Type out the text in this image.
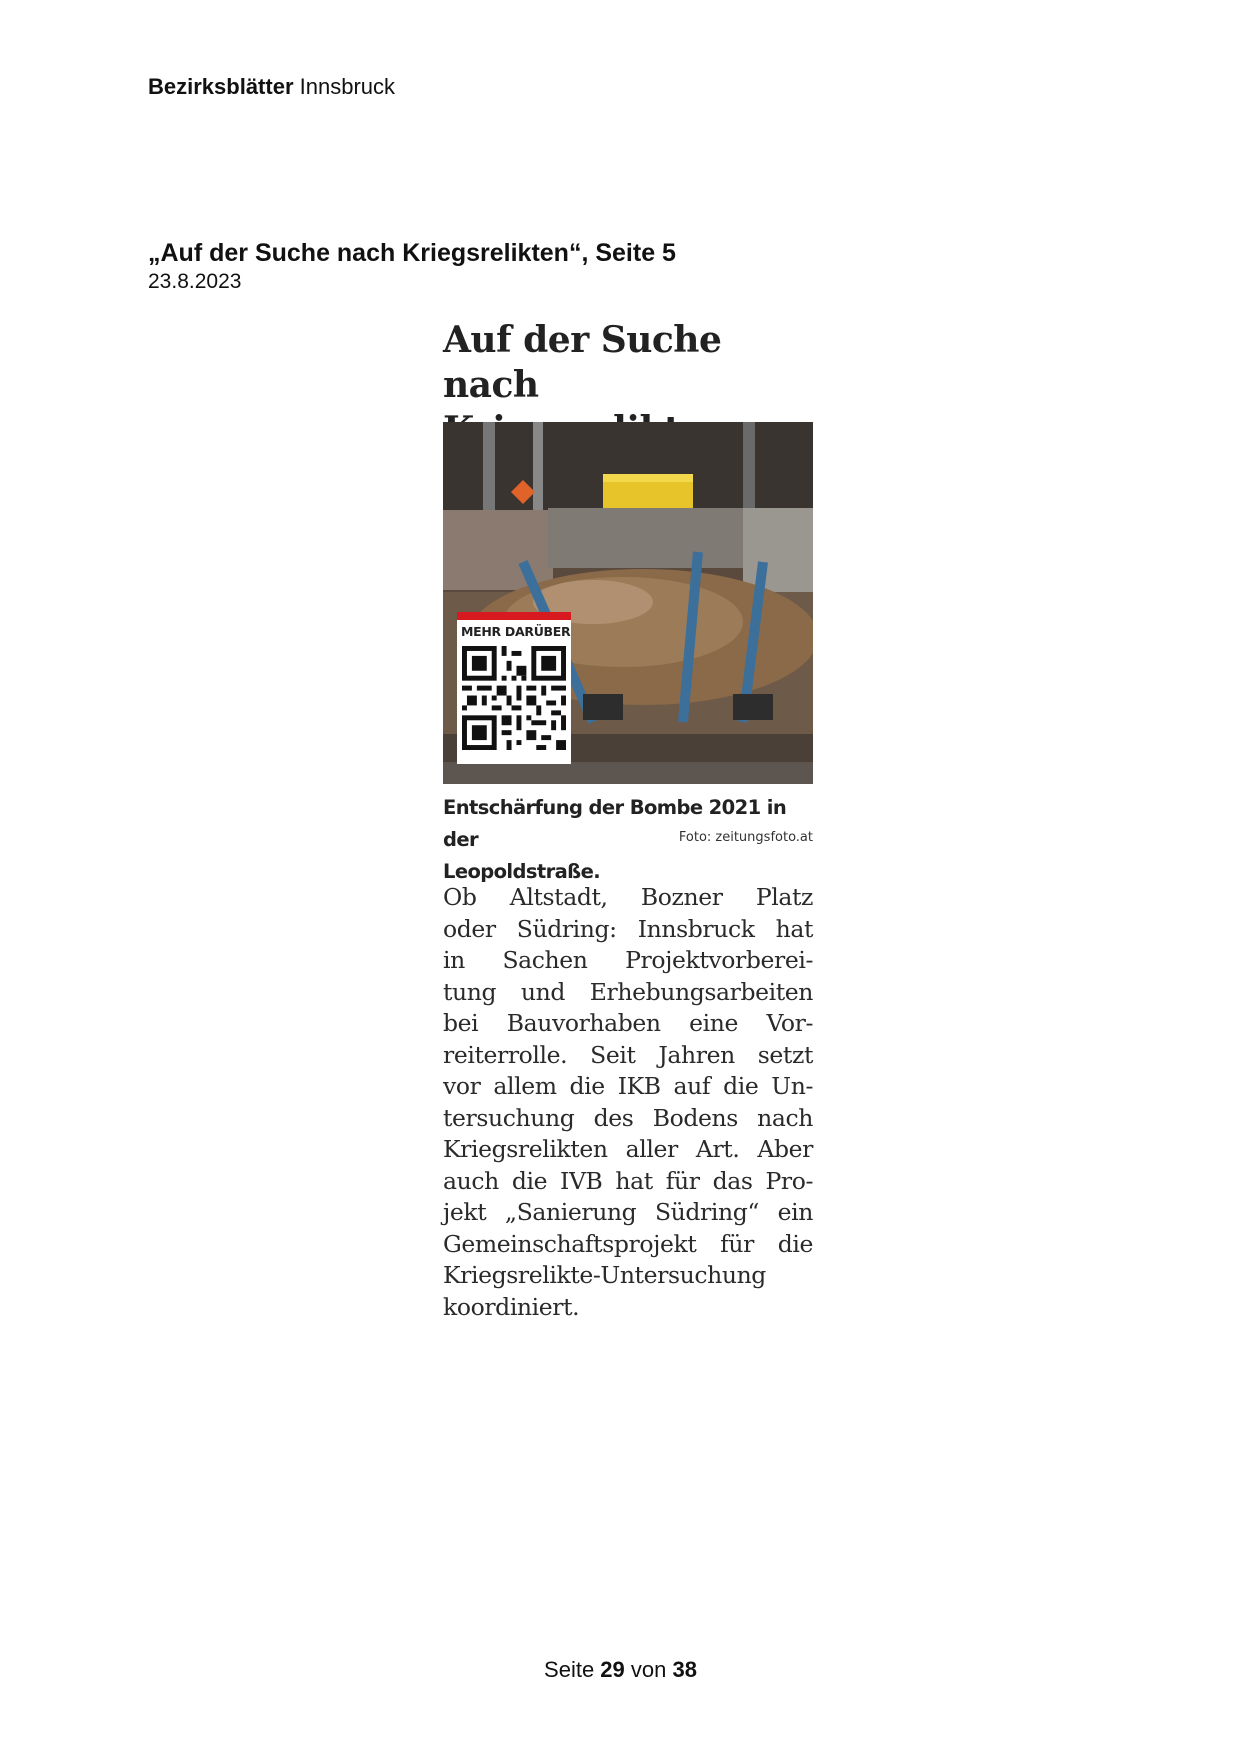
Bezirksblätter Innsbruck
„Auf der Suche nach Kriegsrelikten“, Seite 5
23.8.2023
Auf der Suche nach

MEHR DARÜBER
Entschärfung der Bombe 2021 in der
Leopoldstraße.
Foto: zeitungsfoto.at

Ob Altstadt, Bozner Platz
oder Südring: Innsbruck hat
in Sachen Projektvorberei-
tung und Erhebungsarbeiten
bei Bauvorhaben eine Vor-
reiterrolle. Seit Jahren setzt
vor allem die IKB auf die Un-
tersuchung des Bodens nach
Kriegsrelikten aller Art. Aber
auch die IVB hat für das Pro-
jekt „Sanierung Südring“ ein
Gemeinschaftsprojekt für die
Kriegsrelikte-Untersuchung
koordiniert.

Seite 29 von 38
